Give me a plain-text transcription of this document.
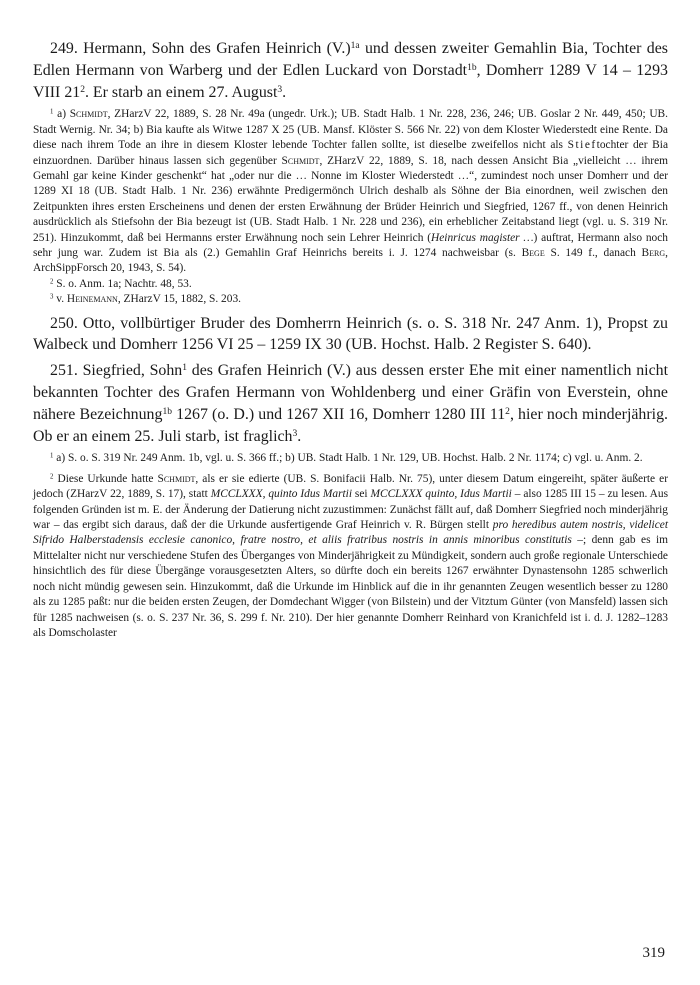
249. Hermann, Sohn des Grafen Heinrich $(V.)^{1a}$ und dessen zweiter Gemahlin Bia, Tochter des Edlen Hermann von Warberg und der Edlen Luckard von Dorstadt$^{1b}$, Domherr 1289 V 14 – 1293 VIII $21^2$. Er starb an einem 27. August$^3$.

$^1$ a) Schmidt, ZHarzV 22, 1889, S. 28 Nr. 49a (ungedr. Urk.); UB. Stadt Halb. 1 Nr. 228, 236, 246; UB. Goslar 2 Nr. 449, 450; UB. Stadt Wernig. Nr. 34; b) Bia kaufte als Witwe 1287 X 25 (UB. Mansf. Klöster S. 566 Nr. 22) von dem Kloster Wiederstedt eine Rente. Da diese nach ihrem Tode an ihre in diesem Kloster lebende Tochter fallen sollte, ist dieselbe zweifellos nicht als Stieftochter der Bia einzuordnen. Darüber hinaus lassen sich gegenüber Schmidt, ZHarzV 22, 1889, S. 18, nach dessen Ansicht Bia „vielleicht … ihrem Gemahl gar keine Kinder geschenkt“ hat „oder nur die … Nonne im Kloster Wiederstedt …“, zumindest noch unser Domherr und der 1289 XI 18 (UB. Stadt Halb. 1 Nr. 236) erwähnte Predigermönch Ulrich deshalb als Söhne der Bia einordnen, weil zwischen den Zeitpunkten ihres ersten Erscheinens und denen der ersten Erwähnung der Brüder Heinrich und Siegfried, 1267 ff., von denen Heinrich ausdrücklich als Stiefsohn der Bia bezeugt ist (UB. Stadt Halb. 1 Nr. 228 und 236), ein erheblicher Zeitabstand liegt (vgl. u. S. 319 Nr. 251). Hinzukommt, daß bei Hermanns erster Erwähnung noch sein Lehrer Heinrich (Heinricus magister …) auftrat, Hermann also noch sehr jung war. Zudem ist Bia als (2.) Gemahlin Graf Heinrichs bereits i. J. 1274 nachweisbar (s. Bege S. 149 f., danach Berg, ArchSippForsch 20, 1943, S. 54).

$^2$ S. o. Anm. 1a; Nachtr. 48, 53.

$^3$ v. Heinemann, ZHarzV 15, 1882, S. 203.

250. Otto, vollbürtiger Bruder des Domherrn Heinrich (s. o. S. 318 Nr. 247 Anm. 1), Propst zu Walbeck und Domherr 1256 VI 25 – 1259 IX 30 (UB. Hochst. Halb. 2 Register S. 640).

251. Siegfried, Sohn$^1$ des Grafen Heinrich (V.) aus dessen erster Ehe mit einer namentlich nicht bekannten Tochter des Grafen Hermann von Wohldenberg und einer Gräfin von Everstein, ohne nähere Bezeichnung$^{1b}$ 1267 (o. D.) und 1267 XII 16, Domherr 1280 III $11^2$, hier noch minderjährig. Ob er an einem 25. Juli starb, ist fraglich$^3$.

$^1$ a) S. o. S. 319 Nr. 249 Anm. 1b, vgl. u. S. 366 ff.; b) UB. Stadt Halb. 1 Nr. 129, UB. Hochst. Halb. 2 Nr. 1174; c) vgl. u. Anm. 2.

$^2$ Diese Urkunde hatte Schmidt, als er sie edierte (UB. S. Bonifacii Halb. Nr. 75), unter diesem Datum eingereiht, später äußerte er jedoch (ZHarzV 22, 1889, S. 17), statt MCCLXXX, quinto Idus Martii sei MCCLXXX quinto, Idus Martii – also 1285 III 15 – zu lesen. Aus folgenden Gründen ist m. E. der Änderung der Datierung nicht zuzustimmen: Zunächst fällt auf, daß Domherr Siegfried noch minderjährig war – das ergibt sich daraus, daß der die Urkunde ausfertigende Graf Heinrich v. R. Bürgen stellt pro heredibus autem nostris, videlicet Sifrido Halberstadensis ecclesie canonico, fratre nostro, et aliis fratribus nostris in annis minoribus constitutis –; denn gab es im Mittelalter nicht nur verschiedene Stufen des Überganges von Minderjährigkeit zu Mündigkeit, sondern auch große regionale Unterschiede hinsichtlich des für diese Übergänge vorausgesetzten Alters, so dürfte doch ein bereits 1267 erwähnter Dynastensohn 1285 schwerlich noch nicht mündig gewesen sein. Hinzukommt, daß die Urkunde im Hinblick auf die in ihr genannten Zeugen wesentlich besser zu 1280 als zu 1285 paßt: nur die beiden ersten Zeugen, der Domdechant Wigger (von Bilstein) und der Vitztum Günter (von Mansfeld) lassen sich für 1285 nachweisen (s. o. S. 237 Nr. 36, S. 299 f. Nr. 210). Der hier genannte Domherr Reinhard von Kranichfeld ist i. d. J. 1282–1283 als Domscholaster

319
